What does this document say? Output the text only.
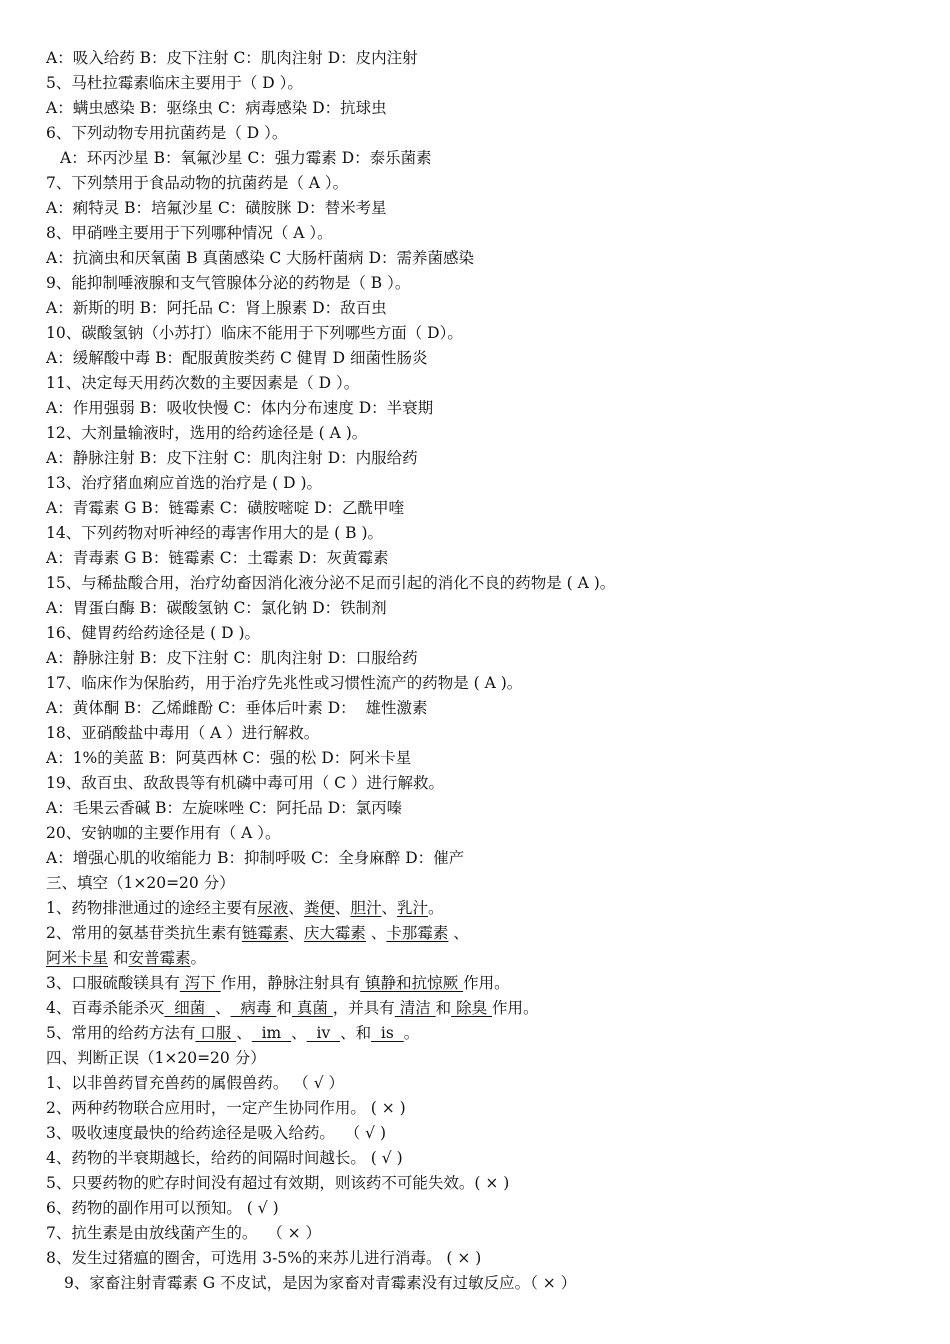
A：吸入给药 B：皮下注射 C：肌肉注射 D：皮内注射
5、马杜拉霉素临床主要用于（ D ）。
A：螨虫感染 B：驱绦虫 C：病毒感染 D：抗球虫
6、下列动物专用抗菌药是（ D ）。
A：环丙沙星 B：氧氟沙星 C：强力霉素 D：泰乐菌素
7、下列禁用于食品动物的抗菌药是（ A ）。
A：痢特灵 B：培氟沙星 C：磺胺脒 D：替米考星
8、甲硝唑主要用于下列哪种情况（ A ）。
A：抗滴虫和厌氧菌 B 真菌感染 C 大肠杆菌病 D：需养菌感染
9、能抑制唾液腺和支气管腺体分泌的药物是（ B ）。
A：新斯的明 B：阿托品 C：肾上腺素 D：敌百虫
10、碳酸氢钠（小苏打）临床不能用于下列哪些方面（ D）。
A：缓解酸中毒 B：配服黄胺类药 C 健胃 D 细菌性肠炎
11、决定每天用药次数的主要因素是（ D ）。
A：作用强弱 B：吸收快慢 C：体内分布速度 D：半衰期
12、大剂量输液时，选用的给药途径是 ( A )。
A：静脉注射 B：皮下注射 C：肌肉注射 D：内服给药
13、治疗猪血痢应首选的治疗是 ( D )。
A：青霉素 G B：链霉素 C：磺胺嘧啶 D：乙酰甲喹
14、下列药物对听神经的毒害作用大的是 ( B )。
A：青毒素 G B：链霉素 C：土霉素 D：灰黄霉素
15、与稀盐酸合用，治疗幼畜因消化液分泌不足而引起的消化不良的药物是 ( A )。
A：胃蛋白酶 B：碳酸氢钠 C：氯化钠 D：铁制剂
16、健胃药给药途径是 ( D )。
A：静脉注射 B：皮下注射 C：肌肉注射 D：口服给药
17、临床作为保胎药，用于治疗先兆性或习惯性流产的药物是 ( A )。
A：黄体酮 B：乙烯雌酚 C：垂体后叶素 D：  雄性激素
18、亚硝酸盐中毒用（ A ）进行解救。
A：1%的美蓝 B：阿莫西林 C：强的松 D：阿米卡星
19、敌百虫、敌敌畏等有机磷中毒可用（ C ）进行解救。
A：毛果云香碱 B：左旋咪唑 C：阿托品 D：氯丙嗪
20、安钠咖的主要作用有（ A ）。
A：增强心肌的收缩能力 B：抑制呼吸 C：全身麻醉 D：催产
三、填空（1×20=20 分）
1、药物排泄通过的途经主要有尿液、粪便、胆汁、乳汁。
2、常用的氨基苷类抗生素有链霉素、庆大霉素 、卡那霉素 、
阿米卡星 和安普霉素。
3、口服硫酸镁具有 泻下 作用，静脉注射具有 镇静和抗惊厥 作用。
4、百毒杀能杀灭  细菌  、  病毒 和 真菌 ，并具有 清洁 和 除臭 作用。
5、常用的给药方法有 口服 、  im  、  iv  、和  is  。
四、判断正误（1×20=20 分）
1、以非兽药冒充兽药的属假兽药。 （ √ ）
2、两种药物联合应用时，一定产生协同作用。 ( × )
3、吸收速度最快的给药途径是吸入给药。  （ √ )
4、药物的半衰期越长，给药的间隔时间越长。 ( √ )
5、只要药物的贮存时间没有超过有效期，则该药不可能失效。( × )
6、药物的副作用可以预知。 ( √ )
7、抗生素是由放线菌产生的。  （ × ）
8、发生过猪瘟的圈舍，可选用 3-5%的来苏儿进行消毒。 ( × )
9、家畜注射青霉素 G 不皮试，是因为家畜对青霉素没有过敏反应。（ × ）
